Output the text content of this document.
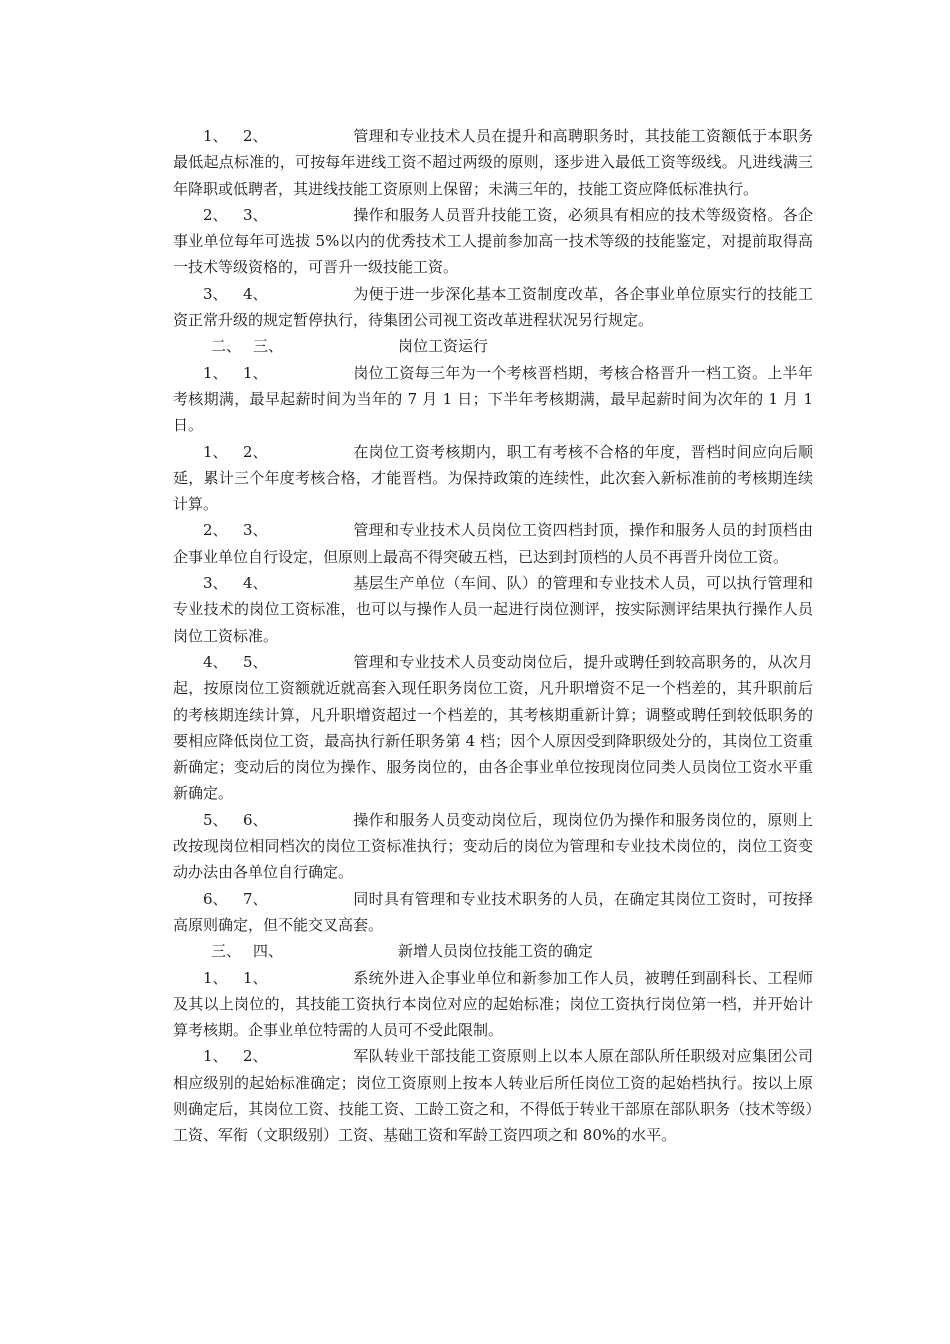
1、 2、	管理和专业技术人员在提升和高聘职务时，其技能工资额低于本职务最低起点标准的，可按每年进线工资不超过两级的原则，逐步进入最低工资等级线。凡进线满三年降职或低聘者，其进线技能工资原则上保留；未满三年的，技能工资应降低标准执行。

2、 3、	操作和服务人员晋升技能工资，必须具有相应的技术等级资格。各企事业单位每年可选拔 5%以内的优秀技术工人提前参加高一技术等级的技能鉴定，对提前取得高一技术等级资格的，可晋升一级技能工资。

3、 4、	为便于进一步深化基本工资制度改革，各企事业单位原实行的技能工资正常升级的规定暂停执行，待集团公司视工资改革进程状况另行规定。

二、 三、	岗位工资运行

1、 1、	岗位工资每三年为一个考核晋档期，考核合格晋升一档工资。上半年考核期满，最早起薪时间为当年的 7 月 1 日；下半年考核期满，最早起薪时间为次年的 1 月 1 日。

1、 2、	在岗位工资考核期内，职工有考核不合格的年度，晋档时间应向后顺延，累计三个年度考核合格，才能晋档。为保持政策的连续性，此次套入新标准前的考核期连续计算。

2、 3、	管理和专业技术人员岗位工资四档封顶，操作和服务人员的封顶档由企事业单位自行设定，但原则上最高不得突破五档，已达到封顶档的人员不再晋升岗位工资。

3、 4、	基层生产单位（车间、队）的管理和专业技术人员，可以执行管理和专业技术的岗位工资标准，也可以与操作人员一起进行岗位测评，按实际测评结果执行操作人员岗位工资标准。

4、 5、	管理和专业技术人员变动岗位后，提升或聘任到较高职务的，从次月起，按原岗位工资额就近就高套入现任职务岗位工资，凡升职增资不足一个档差的，其升职前后的考核期连续计算，凡升职增资超过一个档差的，其考核期重新计算；调整或聘任到较低职务的要相应降低岗位工资，最高执行新任职务第 4 档；因个人原因受到降职级处分的，其岗位工资重新确定；变动后的岗位为操作、服务岗位的，由各企事业单位按现岗位同类人员岗位工资水平重新确定。

5、 6、	操作和服务人员变动岗位后，现岗位仍为操作和服务岗位的，原则上改按现岗位相同档次的岗位工资标准执行；变动后的岗位为管理和专业技术岗位的，岗位工资变动办法由各单位自行确定。

6、 7、	同时具有管理和专业技术职务的人员，在确定其岗位工资时，可按择高原则确定，但不能交叉高套。

三、 四、	新增人员岗位技能工资的确定

1、 1、	系统外进入企事业单位和新参加工作人员，被聘任到副科长、工程师及其以上岗位的，其技能工资执行本岗位对应的起始标准；岗位工资执行岗位第一档，并开始计算考核期。企事业单位特需的人员可不受此限制。

1、 2、	军队转业干部技能工资原则上以本人原在部队所任职级对应集团公司相应级别的起始标准确定；岗位工资原则上按本人转业后所任岗位工资的起始档执行。按以上原则确定后，其岗位工资、技能工资、工龄工资之和，不得低于转业干部原在部队职务（技术等级）工资、军衔（文职级别）工资、基础工资和军龄工资四项之和 80%的水平。
